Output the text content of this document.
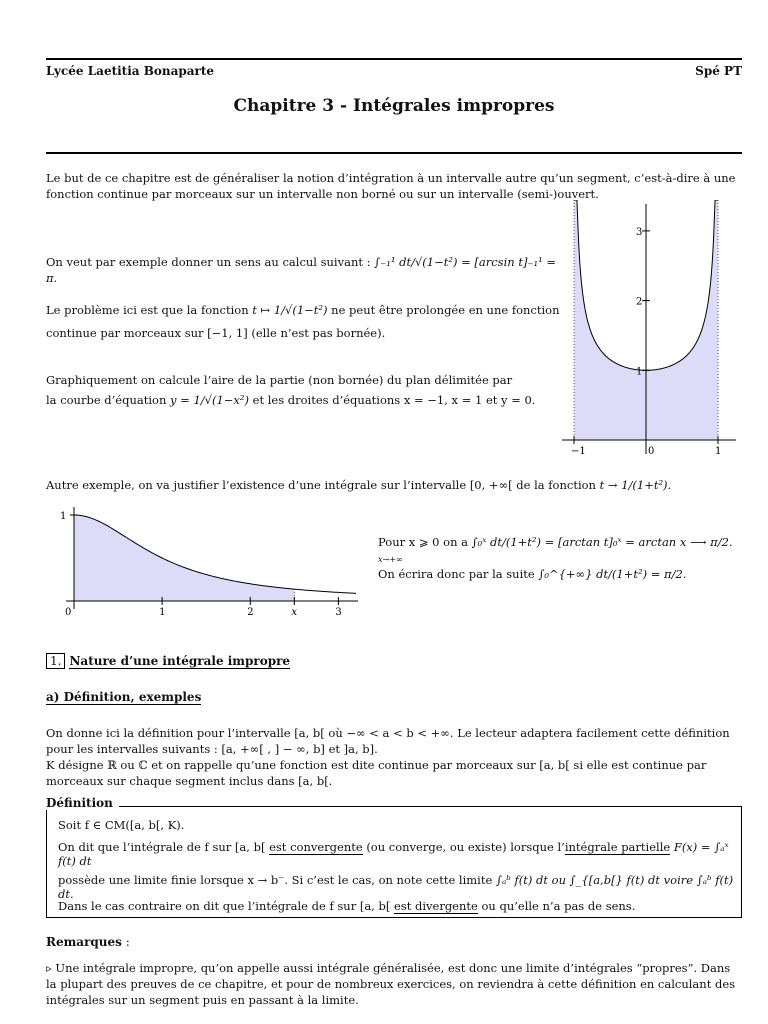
Lycée Laetitia Bonaparte	Spé PT
Chapitre 3 - Intégrales impropres
Le but de ce chapitre est de généraliser la notion d’intégration à un intervalle autre qu’un segment, c’est-à-dire à une fonction continue par morceaux sur un intervalle non borné ou sur un intervalle (semi-)ouvert.
On veut par exemple donner un sens au calcul suivant : ∫₋₁¹ dt/√(1−t²) = [arcsin t]₋₁¹ = π.
Le problème ici est que la fonction t ↦ 1/√(1−t²) ne peut être prolongée en une fonction
continue par morceaux sur [−1, 1] (elle n’est pas bornée).
Graphiquement on calcule l’aire de la partie (non bornée) du plan délimitée par
la courbe d’équation y = 1/√(1−x²) et les droites d’équations x = −1, x = 1 et y = 0.
−1	0	1
1
2
3
Autre exemple, on va justifier l’existence d’une intégrale sur l’intervalle [0, +∞[ de la fonction t → 1/(1+t²).
0	1	2	x	3
1
Pour x ⩾ 0 on a ∫₀ˣ dt/(1+t²) = [arctan t]₀ˣ = arctan x ⟶ π/2. x→+∞
On écrira donc par la suite ∫₀^{+∞} dt/(1+t²) = π/2.
1. Nature d’une intégrale impropre
a) Définition, exemples
On donne ici la définition pour l’intervalle [a, b[ où −∞ < a < b < +∞. Le lecteur adaptera facilement cette définition pour les intervalles suivants : [a, +∞[ , ] − ∞, b] et ]a, b].
K désigne ℝ ou ℂ et on rappelle qu’une fonction est dite continue par morceaux sur [a, b[ si elle est continue par morceaux sur chaque segment inclus dans [a, b[.
Définition
Soit f ∈ CM([a, b[, K).
On dit que l’intégrale de f sur [a, b[ est convergente (ou converge, ou existe) lorsque l’intégrale partielle F(x) = ∫ₐˣ f(t) dt
possède une limite finie lorsque x → b⁻. Si c’est le cas, on note cette limite ∫ₐᵇ f(t) dt ou ∫_{[a,b[} f(t) dt voire ∫ₐᵇ f(t) dt.
Dans le cas contraire on dit que l’intégrale de f sur [a, b[ est divergente ou qu’elle n’a pas de sens.
Remarques :
▹ Une intégrale impropre, qu’on appelle aussi intégrale généralisée, est donc une limite d’intégrales “propres”. Dans la plupart des preuves de ce chapitre, et pour de nombreux exercices, on reviendra à cette définition en calculant des intégrales sur un segment puis en passant à la limite.
